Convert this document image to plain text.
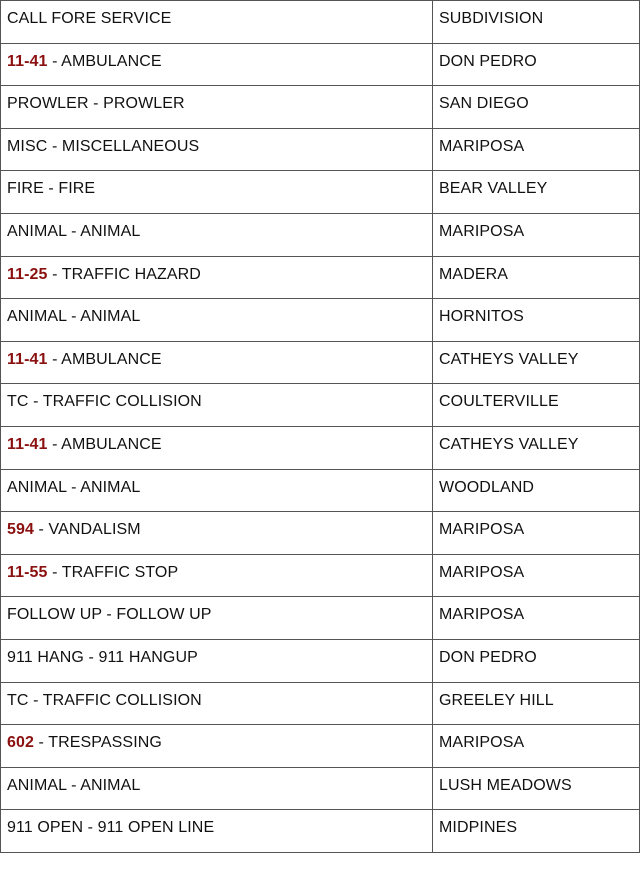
CALL FORE SERVICE	SUBDIVISION
11-41 - AMBULANCE	DON PEDRO
PROWLER - PROWLER	SAN DIEGO
MISC - MISCELLANEOUS	MARIPOSA
FIRE - FIRE	BEAR VALLEY
ANIMAL - ANIMAL	MARIPOSA
11-25 - TRAFFIC HAZARD	MADERA
ANIMAL - ANIMAL	HORNITOS
11-41 - AMBULANCE	CATHEYS VALLEY
TC - TRAFFIC COLLISION	COULTERVILLE
11-41 - AMBULANCE	CATHEYS VALLEY
ANIMAL - ANIMAL	WOODLAND
594 - VANDALISM	MARIPOSA
11-55 - TRAFFIC STOP	MARIPOSA
FOLLOW UP - FOLLOW UP	MARIPOSA
911 HANG - 911 HANGUP	DON PEDRO
TC - TRAFFIC COLLISION	GREELEY HILL
602 - TRESPASSING	MARIPOSA
ANIMAL - ANIMAL	LUSH MEADOWS
911 OPEN - 911 OPEN LINE	MIDPINES
